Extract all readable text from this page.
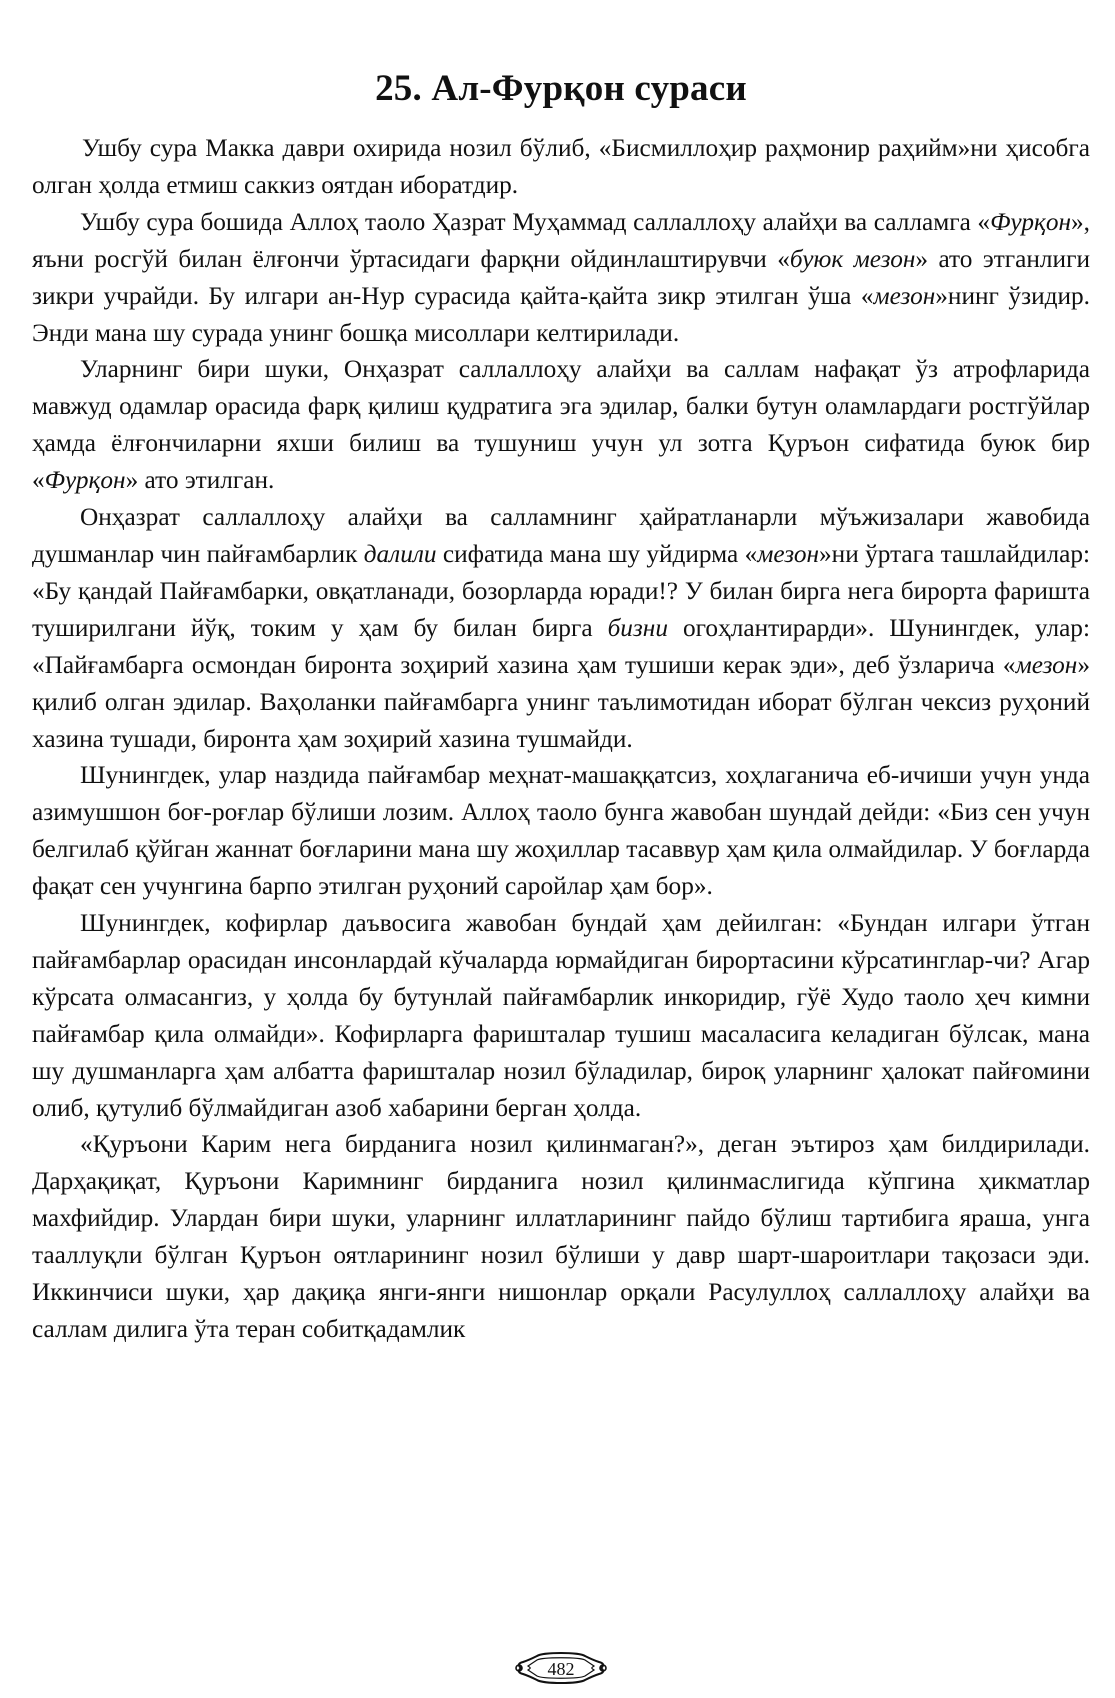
25. Ал-Фурқон сураси

Ушбу сура Макка даври охирида нозил бўлиб, «Бисмиллоҳир раҳмонир раҳийм»ни ҳисобга олган ҳолда етмиш саккиз оятдан иборатдир.

Ушбу сура бошида Аллоҳ таоло Ҳазрат Муҳаммад саллаллоҳу алайҳи ва салламга «Фурқон», яъни росгўй билан ёлғончи ўртасидаги фарқни ойдинлаштирувчи «буюк мезон» ато этганлиги зикри учрайди. Бу илгари ан-Нур сурасида қайта-қайта зикр этилган ўша «мезон»нинг ўзидир. Энди мана шу сурада унинг бошқа мисоллари келтирилади.

Уларнинг бири шуки, Онҳазрат саллаллоҳу алайҳи ва саллам нафақат ўз атрофларида мавжуд одамлар орасида фарқ қилиш қудратига эга эдилар, балки бутун оламлардаги ростгўйлар ҳамда ёлғончиларни яхши билиш ва тушуниш учун ул зотга Қуръон сифатида буюк бир «Фурқон» ато этилган.

Онҳазрат саллаллоҳу алайҳи ва салламнинг ҳайратланарли мўъжизалари жавобида душманлар чин пайғамбарлик далили сифатида мана шу уйдирма «мезон»ни ўртага ташлайдилар: «Бу қандай Пайғамбарки, овқатланади, бозорларда юради!? У билан бирга нега бирорта фаришта туширилгани йўқ, токим у ҳам бу билан бирга бизни огоҳлантирарди». Шунингдек, улар: «Пайғамбарга осмондан биронта зоҳирий хазина ҳам тушиши керак эди», деб ўзларича «мезон» қилиб олган эдилар. Ваҳоланки пайғамбарга унинг таълимотидан иборат бўлган чексиз руҳоний хазина тушади, биронта ҳам зоҳирий хазина тушмайди.

Шунингдек, улар наздида пайғамбар меҳнат-машаққатсиз, хоҳлаганича еб-ичиши учун унда азимушшон боғ-роғлар бўлиши лозим. Аллоҳ таоло бунга жавобан шундай дейди: «Биз сен учун белгилаб қўйган жаннат боғларини мана шу жоҳиллар тасаввур ҳам қила олмайдилар. У боғларда фақат сен учунгина барпо этилган руҳоний саройлар ҳам бор».

Шунингдек, кофирлар даъвосига жавобан бундай ҳам дейилган: «Бундан илгари ўтган пайғамбарлар орасидан инсонлардай кўчаларда юрмайдиган бирортасини кўрсатинглар-чи? Агар кўрсата олмасангиз, у ҳолда бу бутунлай пайғамбарлик инкоридир, гўё Худо таоло ҳеч кимни пайғамбар қила олмайди». Кофирларга фаришталар тушиш масаласига келадиган бўлсак, мана шу душманларга ҳам албатта фаришталар нозил бўладилар, бироқ уларнинг ҳалокат пайғомини олиб, қутулиб бўлмайдиган азоб хабарини берган ҳолда.

«Қуръони Карим нега бирданига нозил қилинмаган?», деган эътироз ҳам билдирилади. Дарҳақиқат, Қуръони Каримнинг бирданига нозил қилинмаслигида кўпгина ҳикматлар махфийдир. Улардан бири шуки, уларнинг иллатларининг пайдо бўлиш тартибига яраша, унга тааллуқли бўлган Қуръон оятларининг нозил бўлиши у давр шарт-шароитлари тақозаси эди. Иккинчиси шуки, ҳар дақиқа янги-янги нишонлар орқали Расулуллоҳ саллаллоҳу алайҳи ва саллам дилига ўта теран собитқадамлик

482
